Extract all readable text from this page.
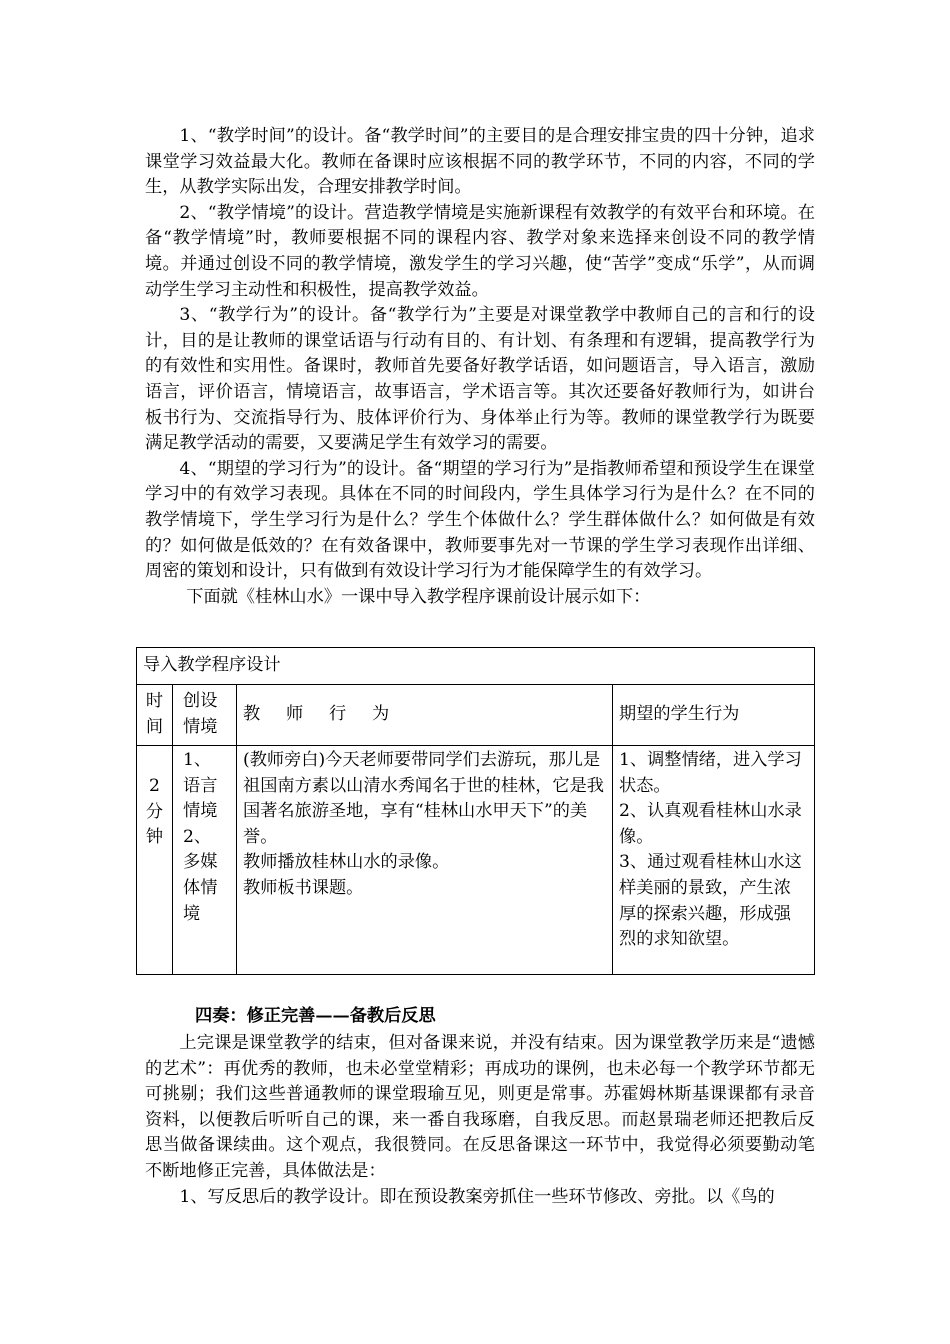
1、“教学时间”的设计。备“教学时间”的主要目的是合理安排宝贵的四十分钟，追求课堂学习效益最大化。教师在备课时应该根据不同的教学环节，不同的内容，不同的学生，从教学实际出发，合理安排教学时间。

2、“教学情境”的设计。营造教学情境是实施新课程有效教学的有效平台和环境。在备“教学情境”时，教师要根据不同的课程内容、教学对象来选择来创设不同的教学情境。并通过创设不同的教学情境，激发学生的学习兴趣，使“苦学”变成“乐学”，从而调动学生学习主动性和积极性，提高教学效益。

3、“教学行为”的设计。备“教学行为”主要是对课堂教学中教师自己的言和行的设计，目的是让教师的课堂话语与行动有目的、有计划、有条理和有逻辑，提高教学行为的有效性和实用性。备课时，教师首先要备好教学话语，如问题语言，导入语言，激励语言，评价语言，情境语言，故事语言，学术语言等。其次还要备好教师行为，如讲台板书行为、交流指导行为、肢体评价行为、身体举止行为等。教师的课堂教学行为既要满足教学活动的需要，又要满足学生有效学习的需要。

4、“期望的学习行为”的设计。备“期望的学习行为”是指教师希望和预设学生在课堂学习中的有效学习表现。具体在不同的时间段内，学生具体学习行为是什么？在不同的教学情境下，学生学习行为是什么？学生个体做什么？学生群体做什么？如何做是有效的？如何做是低效的？在有效备课中，教师要事先对一节课的学生学习表现作出详细、周密的策划和设计，只有做到有效设计学习行为才能保障学生的有效学习。

下面就《桂林山水》一课中导入教学程序课前设计展示如下：

导入教学程序设计			
时间	创设情境	教师行为	期望的学生行为
2分钟	1、语言情境
2、多媒体情境	(教师旁白)今天老师要带同学们去游玩，那儿是祖国南方素以山清水秀闻名于世的桂林，它是我国著名旅游圣地，享有“桂林山水甲天下”的美誉。
教师播放桂林山水的录像。
教师板书课题。	1、调整情绪，进入学习状态。
2、认真观看桂林山水录像。
3、通过观看桂林山水这样美丽的景致，产生浓厚的探索兴趣，形成强烈的求知欲望。
四奏：修正完善——备教后反思

上完课是课堂教学的结束，但对备课来说，并没有结束。因为课堂教学历来是“遗憾的艺术”：再优秀的教师，也未必堂堂精彩；再成功的课例，也未必每一个教学环节都无可挑剔；我们这些普通教师的课堂瑕瑜互见，则更是常事。苏霍姆林斯基课课都有录音资料，以便教后听听自己的课，来一番自我琢磨，自我反思。而赵景瑞老师还把教后反思当做备课续曲。这个观点，我很赞同。在反思备课这一环节中，我觉得必须要勤动笔不断地修正完善，具体做法是：

1、写反思后的教学设计。即在预设教案旁抓住一些环节修改、旁批。以《鸟的
